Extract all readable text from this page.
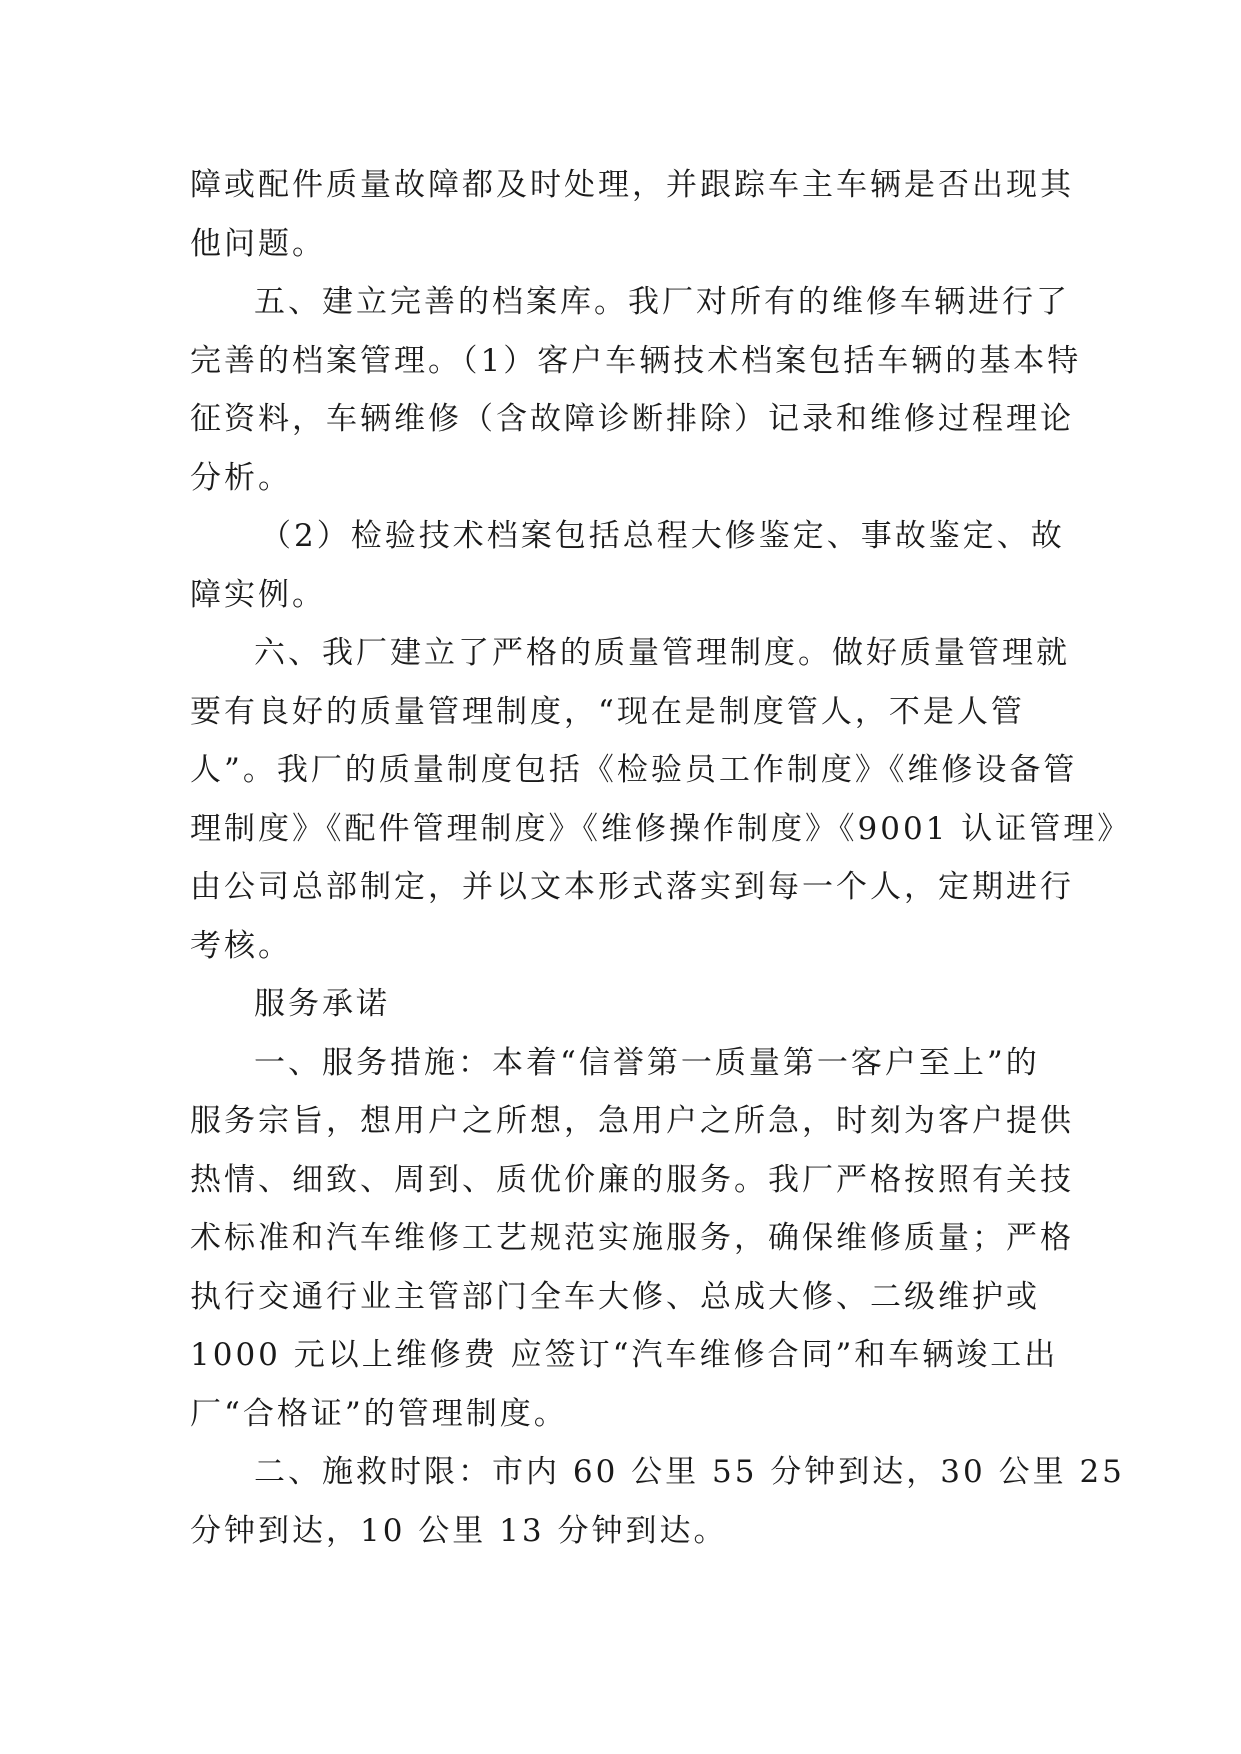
障或配件质量故障都及时处理，并跟踪车主车辆是否出现其
他问题。
五、建立完善的档案库。我厂对所有的维修车辆进行了
完善的档案管理。（1）客户车辆技术档案包括车辆的基本特
征资料，车辆维修（含故障诊断排除）记录和维修过程理论
分析。
（2）检验技术档案包括总程大修鉴定、事故鉴定、故
障实例。
六、我厂建立了严格的质量管理制度。做好质量管理就
要有良好的质量管理制度，“现在是制度管人，不是人管
人”。我厂的质量制度包括《检验员工作制度》《维修设备管
理制度》《配件管理制度》《维修操作制度》《9001 认证管理》
由公司总部制定，并以文本形式落实到每一个人，定期进行
考核。
服务承诺
一、服务措施：本着“信誉第一质量第一客户至上”的
服务宗旨，想用户之所想，急用户之所急，时刻为客户提供
热情、细致、周到、质优价廉的服务。我厂严格按照有关技
术标准和汽车维修工艺规范实施服务，确保维修质量；严格
执行交通行业主管部门全车大修、总成大修、二级维护或
1000 元以上维修费 应签订“汽车维修合同”和车辆竣工出
厂“合格证”的管理制度。
二、施救时限：市内 60 公里 55 分钟到达，30 公里 25
分钟到达，10 公里 13 分钟到达。
